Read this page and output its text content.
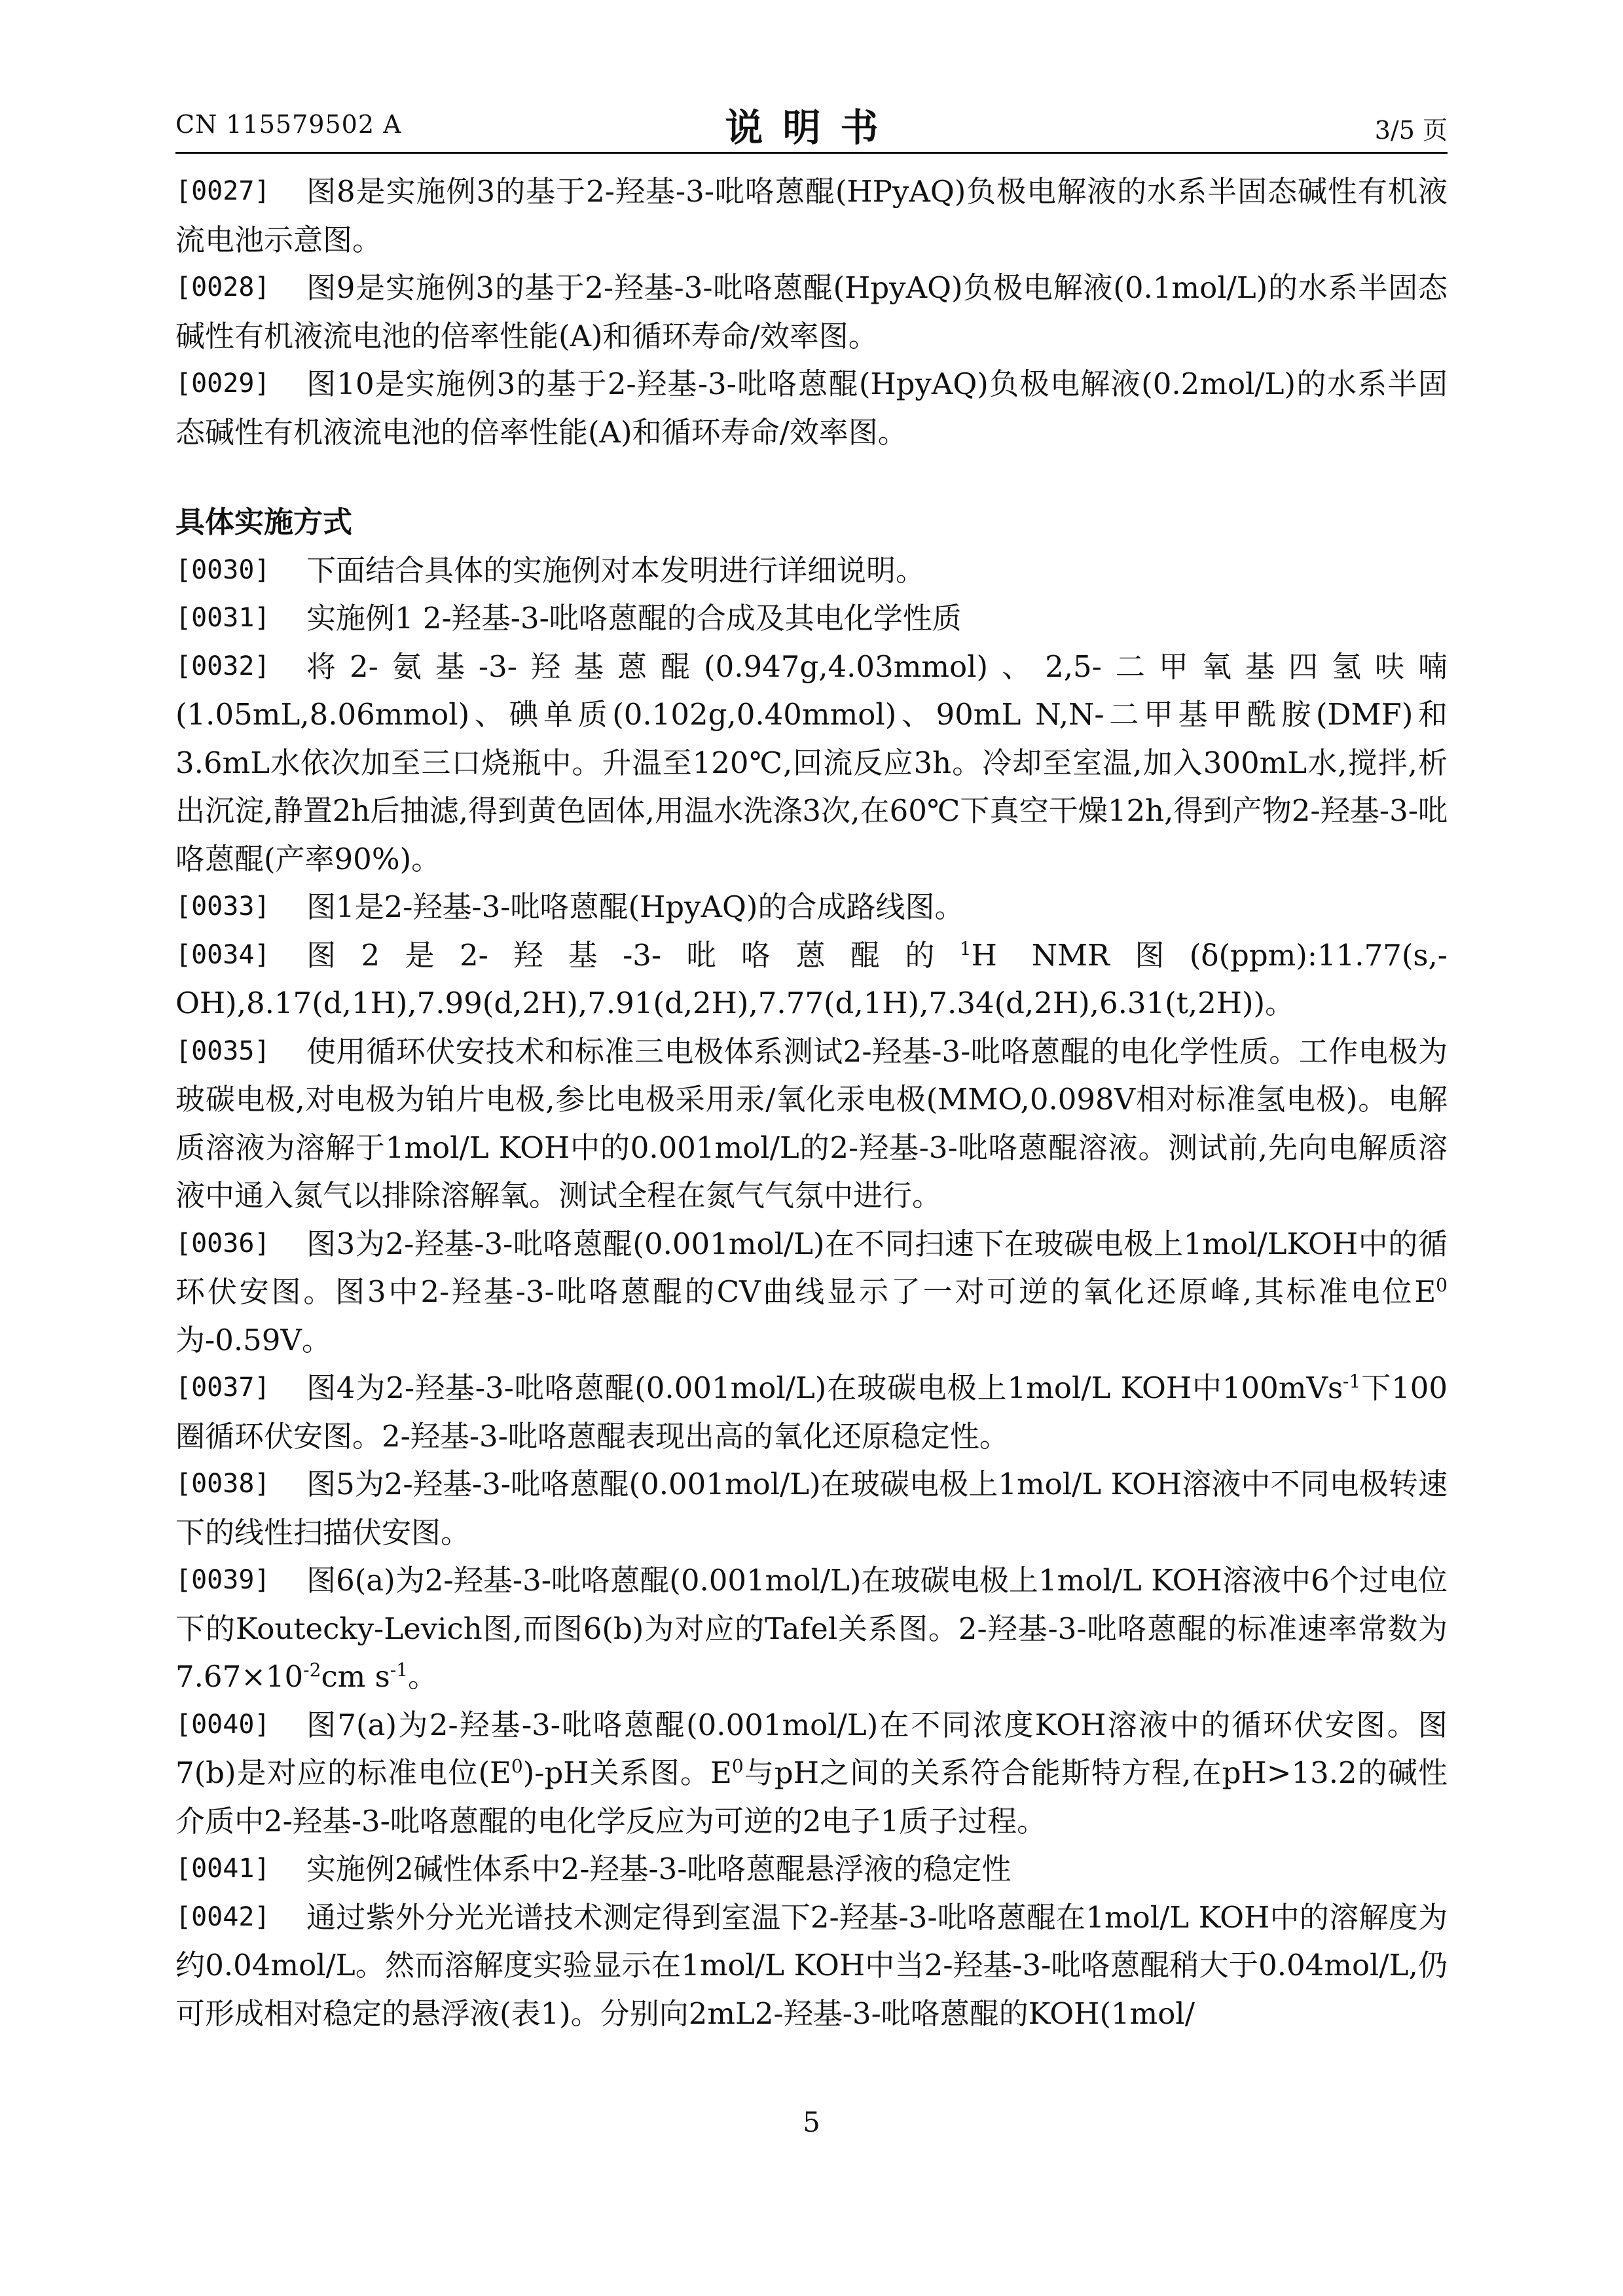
CN 115579502 A	说明书	3/5 页
[0027]	图8是实施例3的基于2-羟基-3-吡咯蒽醌(HPyAQ)负极电解液的水系半固态碱性有机液流电池示意图。
[0028]	图9是实施例3的基于2-羟基-3-吡咯蒽醌(HpyAQ)负极电解液(0.1mol/L)的水系半固态碱性有机液流电池的倍率性能(A)和循环寿命/效率图。
[0029]	图10是实施例3的基于2-羟基-3-吡咯蒽醌(HpyAQ)负极电解液(0.2mol/L)的水系半固态碱性有机液流电池的倍率性能(A)和循环寿命/效率图。
具体实施方式
[0030]	下面结合具体的实施例对本发明进行详细说明。
[0031]	实施例1 2-羟基-3-吡咯蒽醌的合成及其电化学性质
[0032]	将2-氨基-3-羟基蒽醌(0.947g,4.03mmol)、2,5-二甲氧基四氢呋喃(1.05mL,8.06mmol)、碘单质(0.102g,0.40mmol)、90mL N,N-二甲基甲酰胺(DMF)和3.6mL水依次加至三口烧瓶中。升温至120℃,回流反应3h。冷却至室温,加入300mL水,搅拌,析出沉淀,静置2h后抽滤,得到黄色固体,用温水洗涤3次,在60℃下真空干燥12h,得到产物2-羟基-3-吡咯蒽醌(产率90%)。
[0033]	图1是2-羟基-3-吡咯蒽醌(HpyAQ)的合成路线图。
[0034]	图2是2-羟基-3-吡咯蒽醌的$^1$H NMR图(δ(ppm):11.77(s,-OH),8.17(d,1H),7.99(d,2H),7.91(d,2H),7.77(d,1H),7.34(d,2H),6.31(t,2H))。
[0035]	使用循环伏安技术和标准三电极体系测试2-羟基-3-吡咯蒽醌的电化学性质。工作电极为玻碳电极,对电极为铂片电极,参比电极采用汞/氧化汞电极(MMO,0.098V相对标准氢电极)。电解质溶液为溶解于1mol/L KOH中的0.001mol/L的2-羟基-3-吡咯蒽醌溶液。测试前,先向电解质溶液中通入氮气以排除溶解氧。测试全程在氮气气氛中进行。
[0036]	图3为2-羟基-3-吡咯蒽醌(0.001mol/L)在不同扫速下在玻碳电极上1mol/LKOH中的循环伏安图。图3中2-羟基-3-吡咯蒽醌的CV曲线显示了一对可逆的氧化还原峰,其标准电位$E^0$为-0.59V。
[0037]	图4为2-羟基-3-吡咯蒽醌(0.001mol/L)在玻碳电极上1mol/L KOH中100mVs$^{-1}$下100圈循环伏安图。2-羟基-3-吡咯蒽醌表现出高的氧化还原稳定性。
[0038]	图5为2-羟基-3-吡咯蒽醌(0.001mol/L)在玻碳电极上1mol/L KOH溶液中不同电极转速下的线性扫描伏安图。
[0039]	图6(a)为2-羟基-3-吡咯蒽醌(0.001mol/L)在玻碳电极上1mol/L KOH溶液中6个过电位下的Koutecky-Levich图,而图6(b)为对应的Tafel关系图。2-羟基-3-吡咯蒽醌的标准速率常数为$7.67\times 10^{-2}cm$ $s^{-1}$。
[0040]	图7(a)为2-羟基-3-吡咯蒽醌(0.001mol/L)在不同浓度KOH溶液中的循环伏安图。图7(b)是对应的标准电位$(E^0)-pH$关系图。$E^0$与pH之间的关系符合能斯特方程,在pH>13.2的碱性介质中2-羟基-3-吡咯蒽醌的电化学反应为可逆的2电子1质子过程。
[0041]	实施例2碱性体系中2-羟基-3-吡咯蒽醌悬浮液的稳定性
[0042]	通过紫外分光光谱技术测定得到室温下2-羟基-3-吡咯蒽醌在1mol/L KOH中的溶解度为约0.04mol/L。然而溶解度实验显示在1mol/L KOH中当2-羟基-3-吡咯蒽醌稍大于0.04mol/L,仍可形成相对稳定的悬浮液(表1)。分别向2mL2-羟基-3-吡咯蒽醌的KOH(1mol/
5
